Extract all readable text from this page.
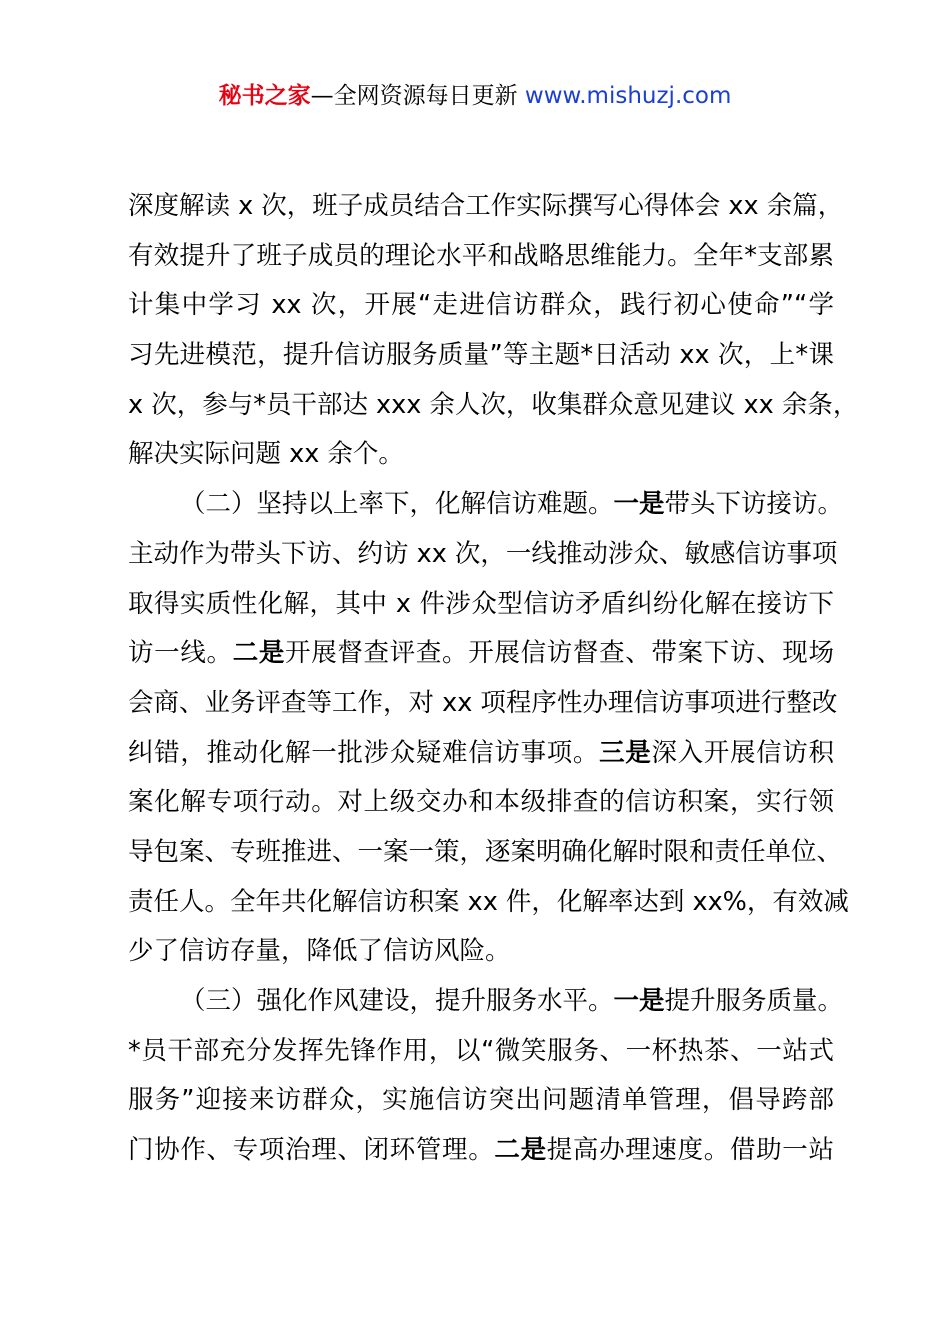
秘书之家—全网资源每日更新 www.mishuzj.com
深度解读 x 次，班子成员结合工作实际撰写心得体会 xx 余篇，
有效提升了班子成员的理论水平和战略思维能力。全年*支部累
计集中学习 xx 次，开展“走进信访群众，践行初心使命”“学
习先进模范，提升信访服务质量”等主题*日活动 xx 次，上*课
x 次，参与*员干部达 xxx 余人次，收集群众意见建议 xx 余条，
解决实际问题 xx 余个。
（二）坚持以上率下，化解信访难题。一是带头下访接访。
主动作为带头下访、约访 xx 次，一线推动涉众、敏感信访事项
取得实质性化解，其中 x 件涉众型信访矛盾纠纷化解在接访下
访一线。二是开展督查评查。开展信访督查、带案下访、现场
会商、业务评查等工作，对 xx 项程序性办理信访事项进行整改
纠错，推动化解一批涉众疑难信访事项。三是深入开展信访积
案化解专项行动。对上级交办和本级排查的信访积案，实行领
导包案、专班推进、一案一策，逐案明确化解时限和责任单位、
责任人。全年共化解信访积案 xx 件，化解率达到 xx%，有效减
少了信访存量，降低了信访风险。
（三）强化作风建设，提升服务水平。一是提升服务质量。
*员干部充分发挥先锋作用，以“微笑服务、一杯热茶、一站式
服务”迎接来访群众，实施信访突出问题清单管理，倡导跨部
门协作、专项治理、闭环管理。二是提高办理速度。借助一站
